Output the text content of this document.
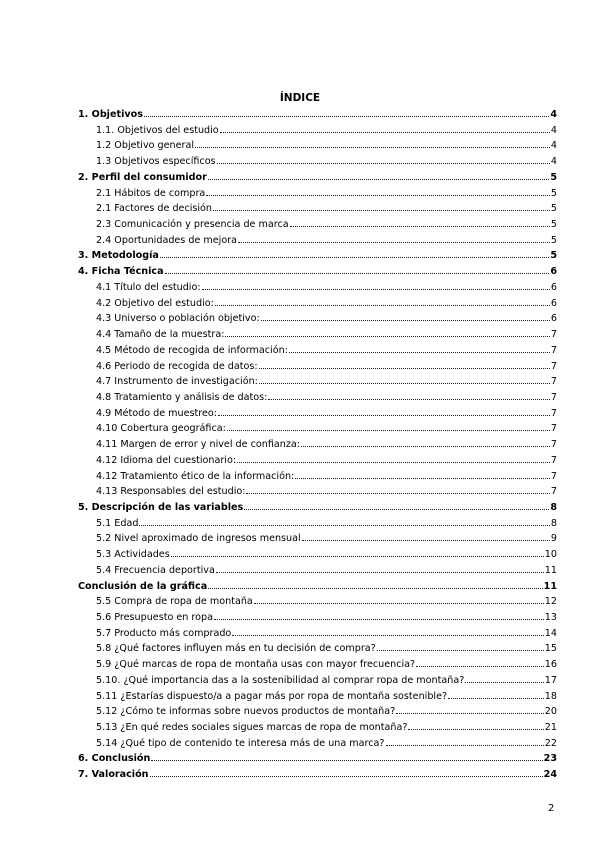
ÍNDICE
1. Objetivos	4
1.1. Objetivos del estudio	4
1.2 Objetivo general	4
1.3 Objetivos específicos	4
2. Perfil del consumidor	5
2.1 Hábitos de compra	5
2.1 Factores de decisión	5
2.3 Comunicación y presencia de marca	5
2.4 Oportunidades de mejora	5
3. Metodología	5
4. Ficha Técnica	6
4.1 Título del estudio:	6
4.2 Objetivo del estudio:	6
4.3 Universo o población objetivo:	6
4.4 Tamaño de la muestra:	7
4.5 Método de recogida de información:	7
4.6 Periodo de recogida de datos:	7
4.7 Instrumento de investigación:	7
4.8 Tratamiento y análisis de datos:	7
4.9 Método de muestreo:	7
4.10 Cobertura geográfica:	7
4.11 Margen de error y nivel de confianza:	7
4.12 Idioma del cuestionario:	7
4.12 Tratamiento ético de la información:	7
4.13 Responsables del estudio:	7
5. Descripción de las variables	8
5.1 Edad	8
5.2 Nivel aproximado de ingresos mensual	9
5.3 Actividades	10
5.4 Frecuencia deportiva	11
Conclusión de la gráfica	11
5.5 Compra de ropa de montaña	12
5.6 Presupuesto en ropa	13
5.7 Producto más comprado	14
5.8 ¿Qué factores influyen más en tu decisión de compra?	15
5.9 ¿Qué marcas de ropa de montaña usas con mayor frecuencia?	16
5.10. ¿Qué importancia das a la sostenibilidad al comprar ropa de montaña?	17
5.11 ¿Estarías dispuesto/a a pagar más por ropa de montaña sostenible?	18
5.12 ¿Cómo te informas sobre nuevos productos de montaña?	20
5.13 ¿En qué redes sociales sigues marcas de ropa de montaña?	21
5.14 ¿Qué tipo de contenido te interesa más de una marca?	22
6. Conclusión	23
7. Valoración	24
2
